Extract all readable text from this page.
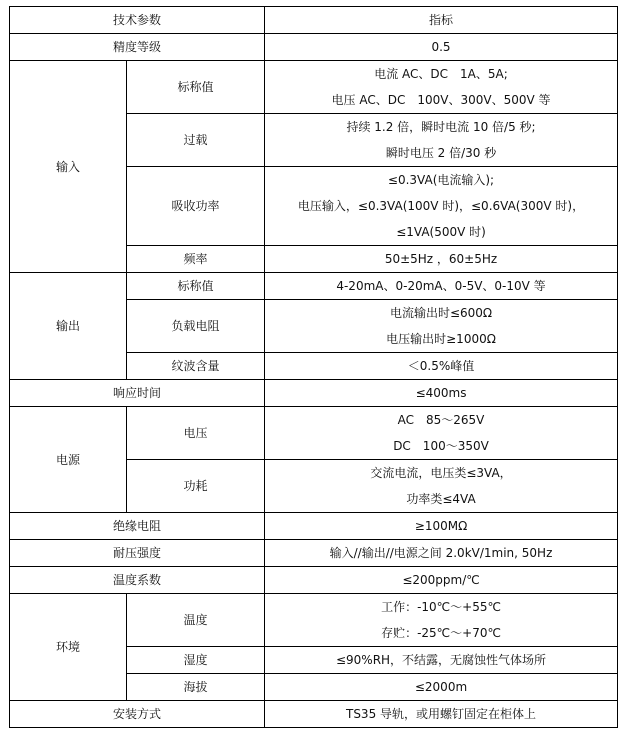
技术参数		指标
精度等级		0.5
输入	标称值	电流 AC、DC　1A、5A;
电压 AC、DC　100V、300V、500V 等

	过载	持续 1.2 倍，瞬时电流 10 倍/5 秒;
瞬时电压 2 倍/30 秒

	吸收功率	≤0.3VA(电流输入);
电压输入，≤0.3VA(100V 时)，≤0.6VA(300V 时)，
≤1VA(500V 时)

	频率	50±5Hz ，60±5Hz
输出	标称值	4-20mA、0-20mA、0-5V、0-10V 等
	负载电阻	电流输出时≤600Ω
电压输出时≥1000Ω

	纹波含量	＜0.5%峰值
响应时间		≤400ms
电源	电压	AC　85～265V
DC　100～350V

	功耗	交流电流，电压类≤3VA，
功率类≤4VA

绝缘电阻		≥100MΩ
耐压强度		输入//输出//电源之间 2.0kV/1min, 50Hz
温度系数		≤200ppm/℃
环境	温度	工作：-10℃～+55℃
存贮：-25℃～+70℃

	湿度	≤90%RH，不结露，无腐蚀性气体场所
	海拔	≤2000m
安装方式		TS35 导轨，或用螺钉固定在柜体上
